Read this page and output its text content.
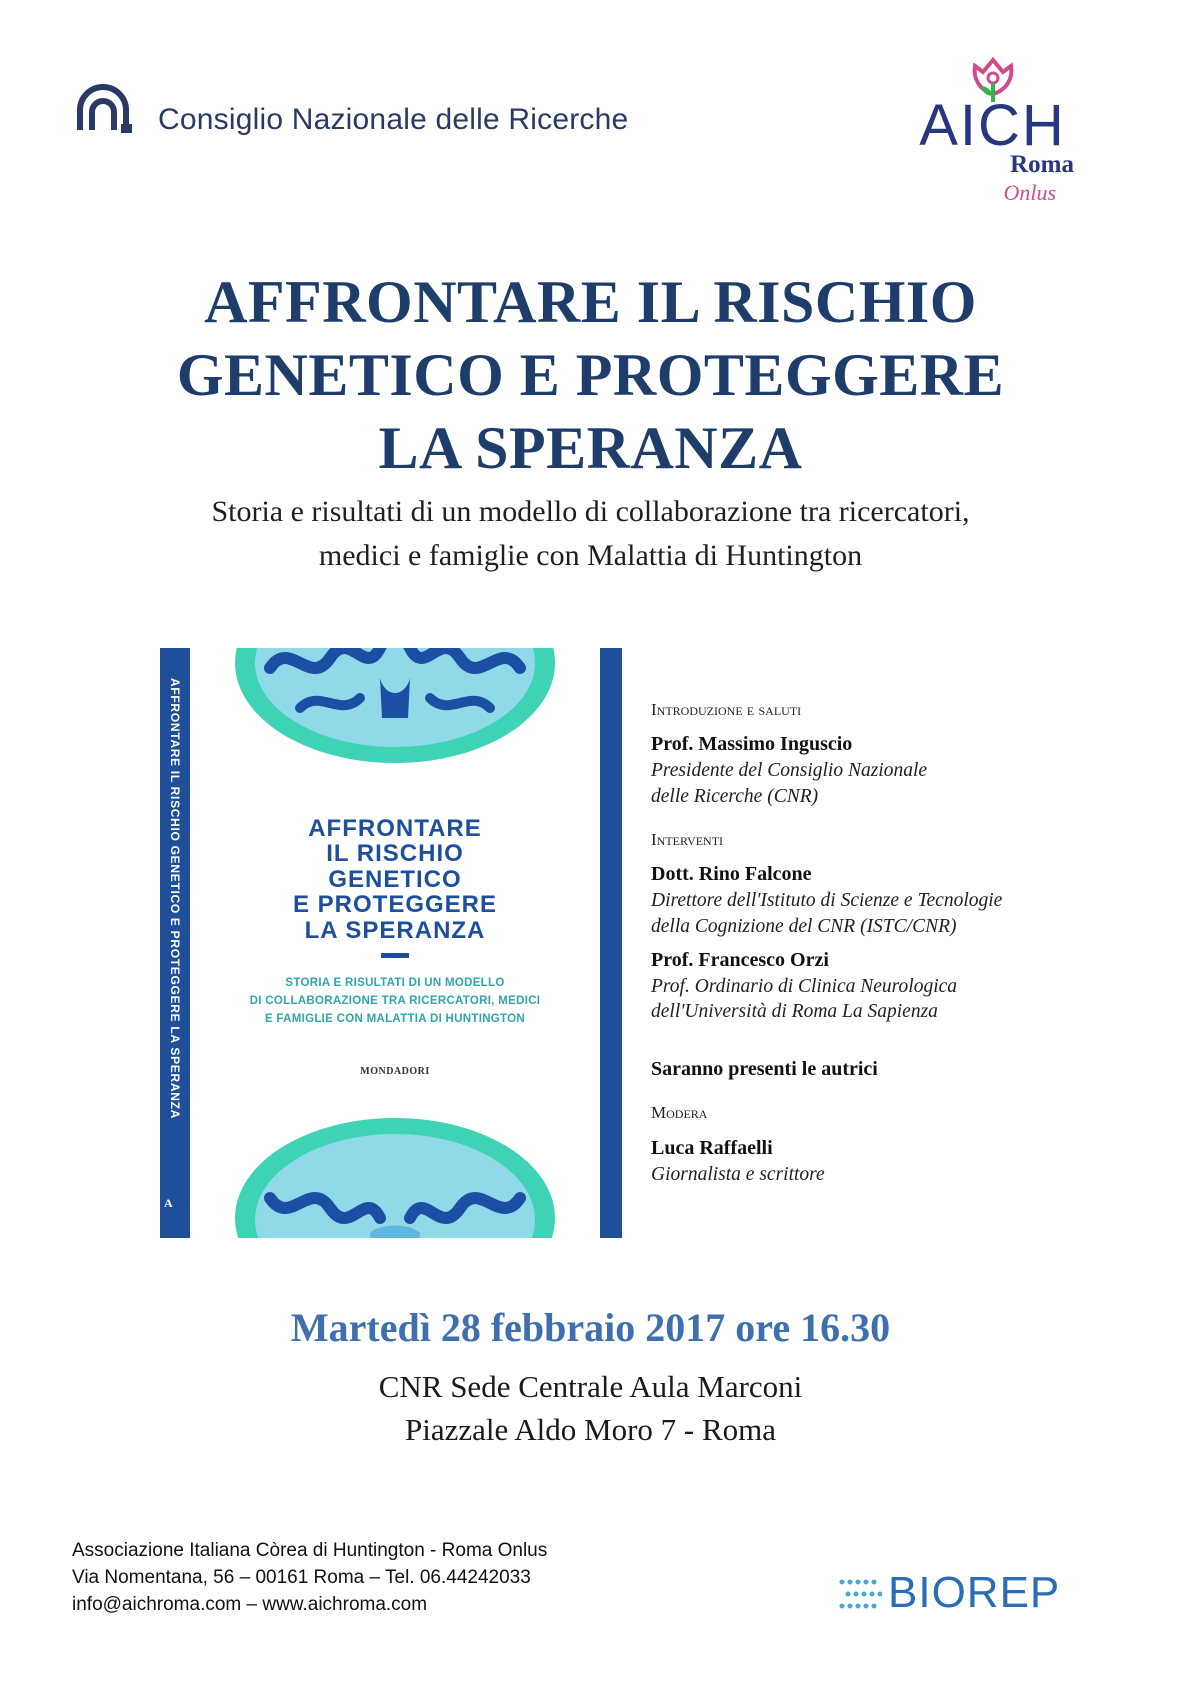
Consiglio Nazionale delle Ricerche	AICH
Roma
Onlus
AFFRONTARE IL RISCHIO
GENETICO E PROTEGGERE
LA SPERANZA
Storia e risultati di un modello di collaborazione tra ricercatori,
medici e famiglie con Malattia di Huntington
AFFRONTARE IL RISCHIO GENETICO E PROTEGGERE LA SPERANZA
A
AFFRONTARE
IL RISCHIO
GENETICO
E PROTEGGERE
LA SPERANZA
STORIA E RISULTATI DI UN MODELLO
DI COLLABORAZIONE TRA RICERCATORI, MEDICI
E FAMIGLIE CON MALATTIA DI HUNTINGTON
MONDADORI

Introduzione e saluti

Prof. Massimo Inguscio

Presidente del Consiglio Nazionale

delle Ricerche (CNR)

Interventi

Dott. Rino Falcone

Direttore dell'Istituto di Scienze e Tecnologie

della Cognizione del CNR (ISTC/CNR)

Prof. Francesco Orzi

Prof. Ordinario di Clinica Neurologica

dell'Università di Roma La Sapienza

Saranno presenti le autrici

Modera

Luca Raffaelli

Giornalista e scrittore

Martedì 28 febbraio 2017 ore 16.30
CNR Sede Centrale Aula Marconi
Piazzale Aldo Moro 7 - Roma
Associazione Italiana Còrea di Huntington - Roma Onlus
Via Nomentana, 56 – 00161 Roma – Tel. 06.44242033
info@aichroma.com – www.aichroma.com	BIOREP
